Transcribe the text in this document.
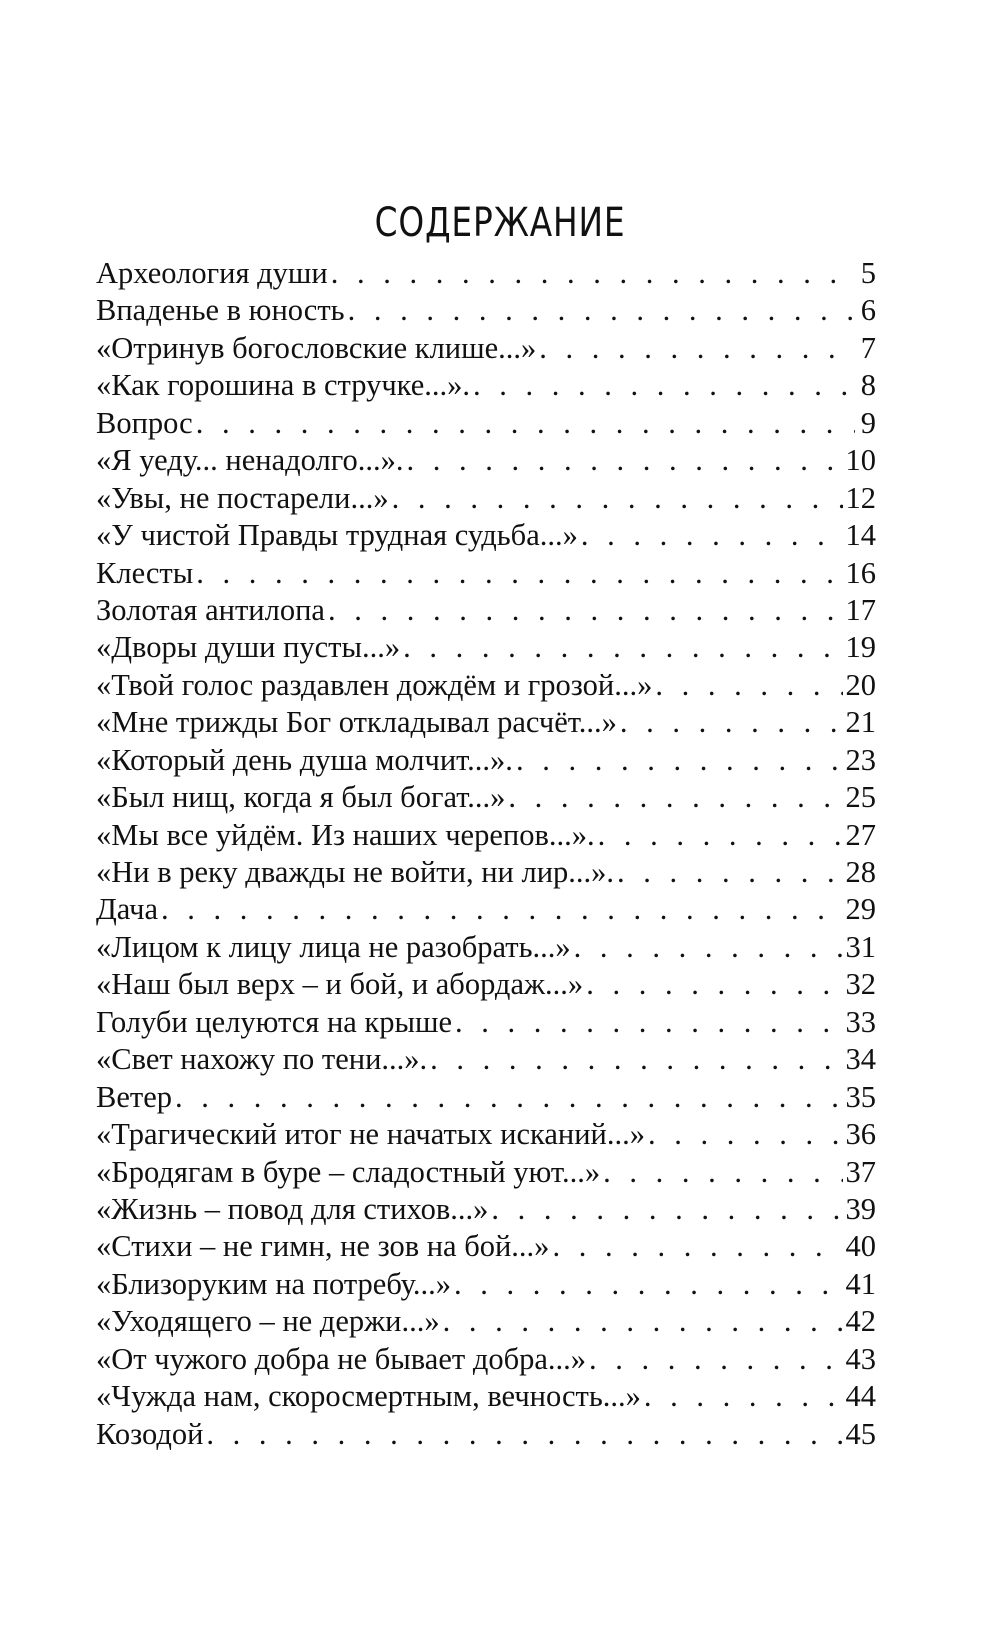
СОДЕРЖАНИЕ
Археология души . . .	5
Впаденье в юность . . .	6
«Отринув богословские клише...» . . .	7
«Как горошина в стручке...». . . .	8
Вопрос . . .	9
«Я уеду... ненадолго...». . . .	10
«Увы, не постарели...» . . .	12
«У чистой Правды трудная судьба...» . . .	14
Клесты . . .	16
Золотая антилопа . . .	17
«Дворы души пусты...» . . .	19
«Твой голос раздавлен дождём и грозой...» . . .	20
«Мне трижды Бог откладывал расчёт...» . . .	21
«Который день душа молчит...». . . .	23
«Был нищ, когда я был богат...» . . .	25
«Мы все уйдём. Из наших черепов...». . . .	27
«Ни в реку дважды не войти, ни лир...». . . .	28
Дача . . .	29
«Лицом к лицу лица не разобрать...» . . .	31
«Наш был верх – и бой, и абордаж...» . . .	32
Голуби целуются на крыше . . .	33
«Свет нахожу по тени...». . . .	34
Ветер . . .	35
«Трагический итог не начатых исканий...» . . .	36
«Бродягам в буре – сладостный уют...» . . .	37
«Жизнь – повод для стихов...» . . .	39
«Стихи – не гимн, не зов на бой...» . . .	40
«Близоруким на потребу...» . . .	41
«Уходящего – не держи...» . . .	42
«От чужого добра не бывает добра...» . . .	43
«Чужда нам, скоросмертным, вечность...» . . .	44
Козодой . . .	45
